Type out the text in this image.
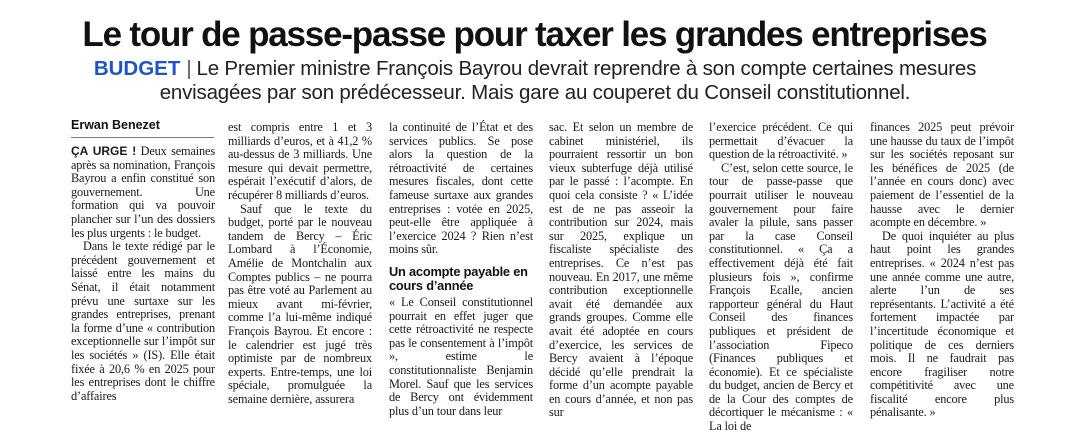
Le tour de passe-passe pour taxer les grandes entreprises
BUDGET | Le Premier ministre François Bayrou devrait reprendre à son compte certaines mesures envisagées par son prédécesseur. Mais gare au couperet du Conseil constitutionnel.
Erwan Benezet

ÇA URGE ! Deux semaines après sa nomination, François Bayrou a enfin constitué son gouvernement. Une formation qui va pouvoir plancher sur l’un des dossiers les plus urgents : le budget.

Dans le texte rédigé par le précédent gouvernement et laissé entre les mains du Sénat, il était notamment prévu une surtaxe sur les grandes entreprises, prenant la forme d’une « contribution exceptionnelle sur l’impôt sur les sociétés » (IS). Elle était fixée à 20,6 % en 2025 pour les entreprises dont le chiffre d’affaires

est compris entre 1 et 3 milliards d’euros, et à 41,2 % au-dessus de 3 milliards. Une mesure qui devait permettre, espérait l’exécutif d’alors, de récupérer 8 milliards d’euros.

Sauf que le texte du budget, porté par le nouveau tandem de Bercy – Éric Lombard à l’Économie, Amélie de Montchalin aux Comptes publics – ne pourra pas être voté au Parlement au mieux avant mi-février, comme l’a lui-même indiqué François Bayrou. Et encore : le calendrier est jugé très optimiste par de nombreux experts. Entre-temps, une loi spéciale, promulguée la semaine dernière, assurera

la continuité de l’État et des services publics. Se pose alors la question de la rétroactivité de certaines mesures fiscales, dont cette fameuse surtaxe aux grandes entreprises : votée en 2025, peut-elle être appliquée à l’exercice 2024 ? Rien n’est moins sûr.

Un acompte payable en cours d’année

« Le Conseil constitutionnel pourrait en effet juger que cette rétroactivité ne respecte pas le consentement à l’impôt », estime le constitutionnaliste Benjamin Morel. Sauf que les services de Bercy ont évidemment plus d’un tour dans leur

sac. Et selon un membre de cabinet ministériel, ils pourraient ressortir un bon vieux subterfuge déjà utilisé par le passé : l’acompte. En quoi cela consiste ? « L’idée est de ne pas asseoir la contribution sur 2024, mais sur 2025, explique un fiscaliste spécialiste des entreprises. Ce n’est pas nouveau. En 2017, une même contribution exceptionnelle avait été demandée aux grands groupes. Comme elle avait été adoptée en cours d’exercice, les services de Bercy avaient à l’époque décidé qu’elle prendrait la forme d’un acompte payable en cours d’année, et non pas sur

l’exercice précédent. Ce qui permettait d’évacuer la question de la rétroactivité. »

C’est, selon cette source, le tour de passe-passe que pourrait utiliser le nouveau gouvernement pour faire avaler la pilule, sans passer par la case Conseil constitutionnel. « Ça a effectivement déjà été fait plusieurs fois », confirme François Ecalle, ancien rapporteur général du Haut Conseil des finances publiques et président de l’association Fipeco (Finances publiques et économie). Et ce spécialiste du budget, ancien de Bercy et de la Cour des comptes de décortiquer le mécanisme : « La loi de

finances 2025 peut prévoir une hausse du taux de l’impôt sur les sociétés reposant sur les bénéfices de 2025 (de l’année en cours donc) avec paiement de l’essentiel de la hausse avec le dernier acompte en décembre. »

De quoi inquiéter au plus haut point les grandes entreprises. « 2024 n’est pas une année comme une autre, alerte l’un de ses représentants. L’activité a été fortement impactée par l’incertitude économique et politique de ces derniers mois. Il ne faudrait pas encore fragiliser notre compétitivité avec une fiscalité encore plus pénalisante. »
